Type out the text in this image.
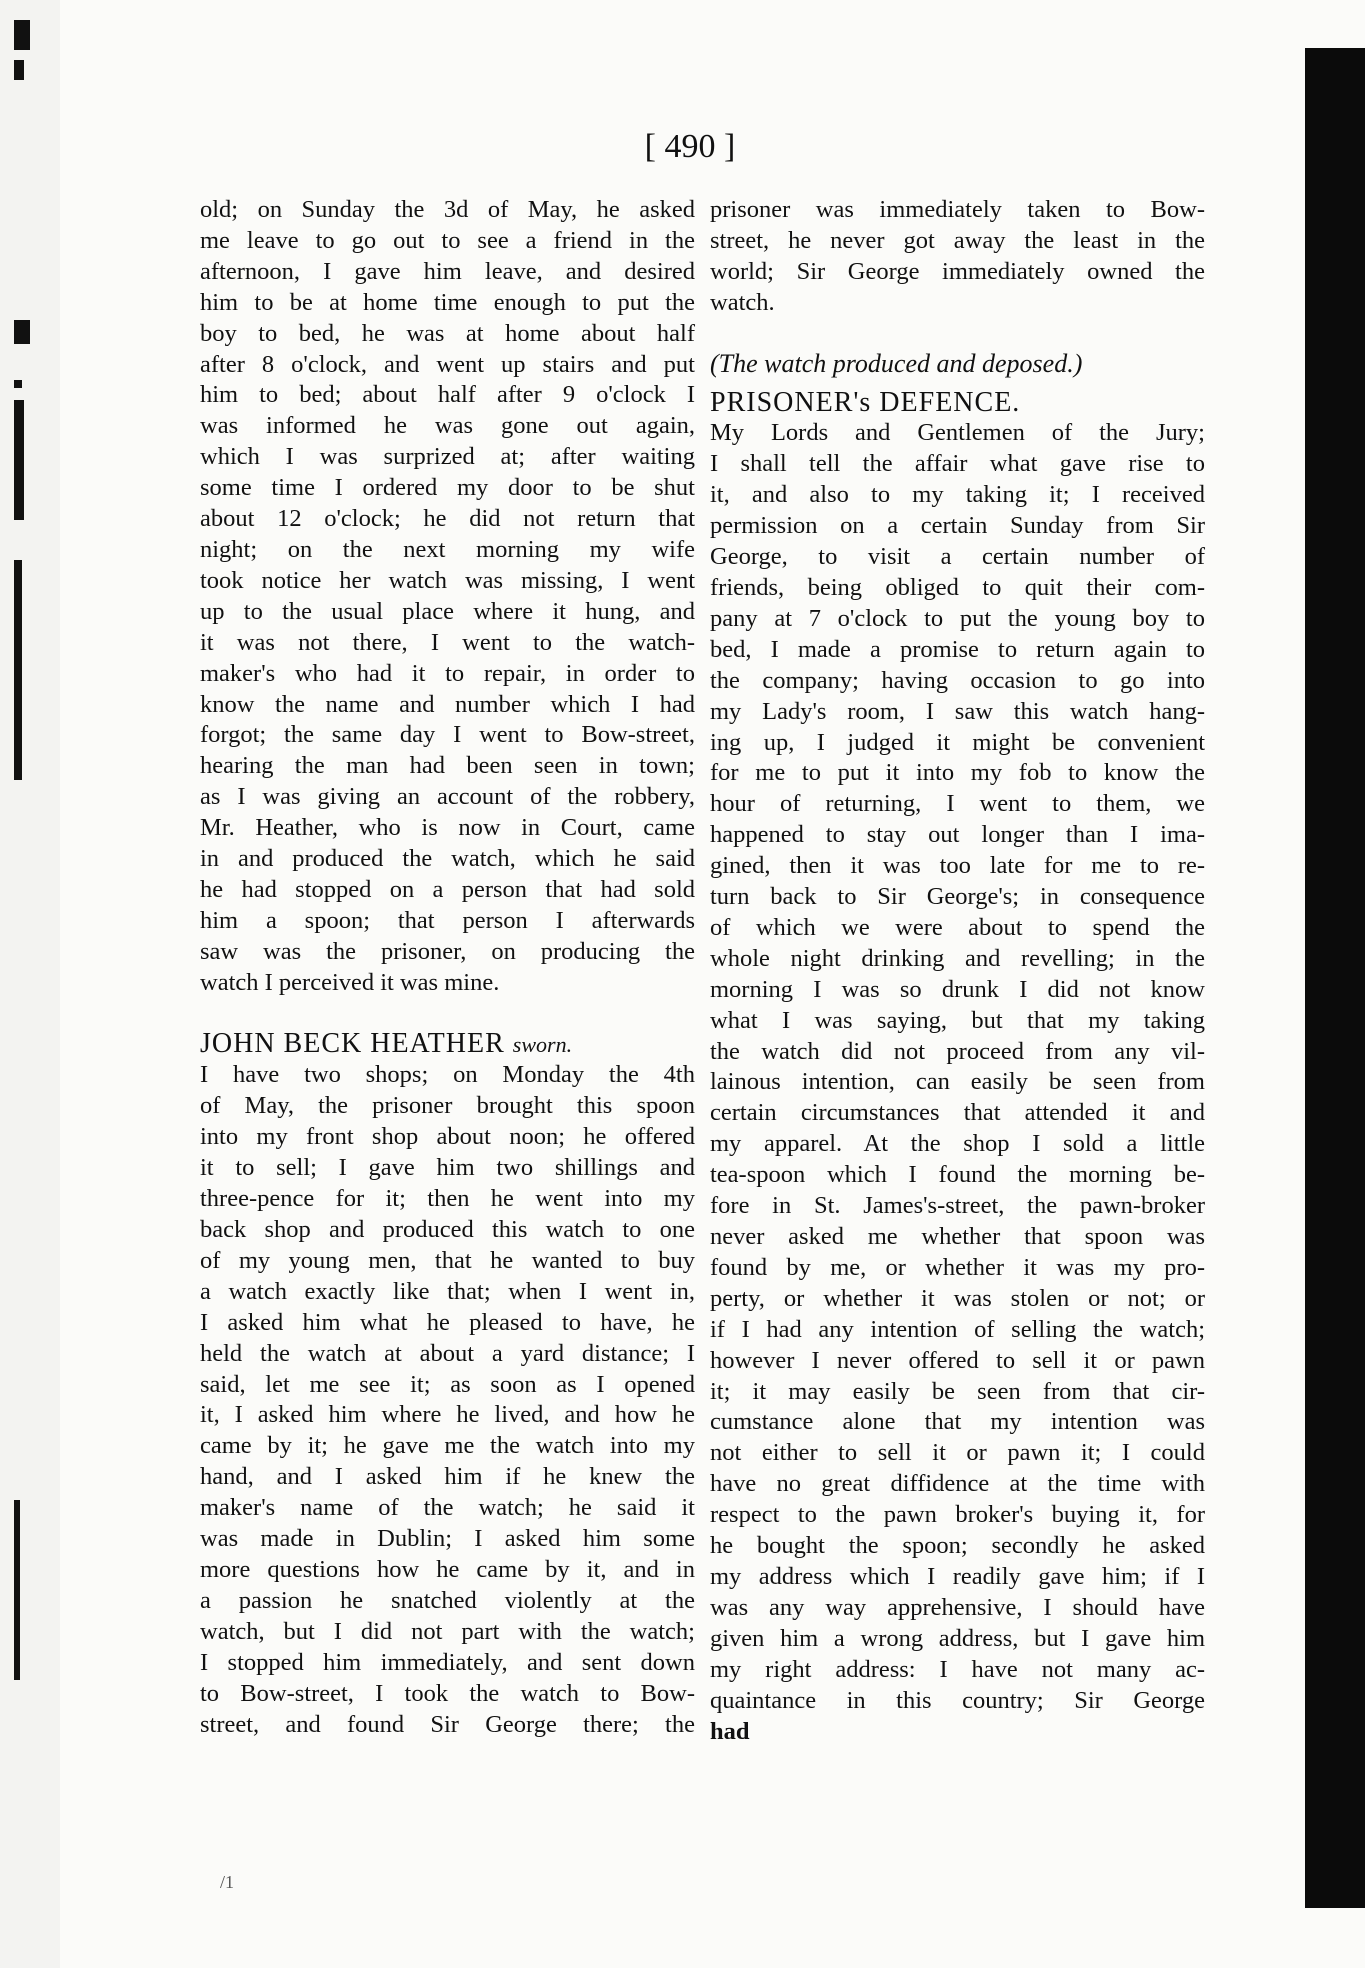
[ 490 ]
old; on Sunday the 3d of May, he asked
me leave to go out to see a friend in the
afternoon, I gave him leave, and desired
him to be at home time enough to put the
boy to bed, he was at home about half
after 8 o'clock, and went up stairs and put
him to bed; about half after 9 o'clock I
was informed he was gone out again,
which I was surprized at; after waiting
some time I ordered my door to be shut
about 12 o'clock; he did not return that
night; on the next morning my wife
took notice her watch was missing, I went
up to the usual place where it hung, and
it was not there, I went to the watch-
maker's who had it to repair, in order to
know the name and number which I had
forgot; the same day I went to Bow-street,
hearing the man had been seen in town;
as I was giving an account of the robbery,
Mr. Heather, who is now in Court, came
in and produced the watch, which he said
he had stopped on a person that had sold
him a spoon; that person I afterwards
saw was the prisoner, on producing the
watch I perceived it was mine.
JOHN BECK HEATHER sworn.
I have two shops; on Monday the 4th
of May, the prisoner brought this spoon
into my front shop about noon; he offered
it to sell; I gave him two shillings and
three-pence for it; then he went into my
back shop and produced this watch to one
of my young men, that he wanted to buy
a watch exactly like that; when I went in,
I asked him what he pleased to have, he
held the watch at about a yard distance; I
said, let me see it; as soon as I opened
it, I asked him where he lived, and how he
came by it; he gave me the watch into my
hand, and I asked him if he knew the
maker's name of the watch; he said it
was made in Dublin; I asked him some
more questions how he came by it, and in
a passion he snatched violently at the
watch, but I did not part with the watch;
I stopped him immediately, and sent down
to Bow-street, I took the watch to Bow-
street, and found Sir George there; the
prisoner was immediately taken to Bow-
street, he never got away the least in the
world; Sir George immediately owned the
watch.
(The watch produced and deposed.)
PRISONER's DEFENCE.
My Lords and Gentlemen of the Jury;
I shall tell the affair what gave rise to
it, and also to my taking it; I received
permission on a certain Sunday from Sir
George, to visit a certain number of
friends, being obliged to quit their com-
pany at 7 o'clock to put the young boy to
bed, I made a promise to return again to
the company; having occasion to go into
my Lady's room, I saw this watch hang-
ing up, I judged it might be convenient
for me to put it into my fob to know the
hour of returning, I went to them, we
happened to stay out longer than I ima-
gined, then it was too late for me to re-
turn back to Sir George's; in consequence
of which we were about to spend the
whole night drinking and revelling; in the
morning I was so drunk I did not know
what I was saying, but that my taking
the watch did not proceed from any vil-
lainous intention, can easily be seen from
certain circumstances that attended it and
my apparel. At the shop I sold a little
tea-spoon which I found the morning be-
fore in St. James's-street, the pawn-broker
never asked me whether that spoon was
found by me, or whether it was my pro-
perty, or whether it was stolen or not; or
if I had any intention of selling the watch;
however I never offered to sell it or pawn
it; it may easily be seen from that cir-
cumstance alone that my intention was
not either to sell it or pawn it; I could
have no great diffidence at the time with
respect to the pawn broker's buying it, for
he bought the spoon; secondly he asked
my address which I readily gave him; if I
was any way apprehensive, I should have
given him a wrong address, but I gave him
my right address: I have not many ac-
quaintance in this country; Sir George
had
/1
